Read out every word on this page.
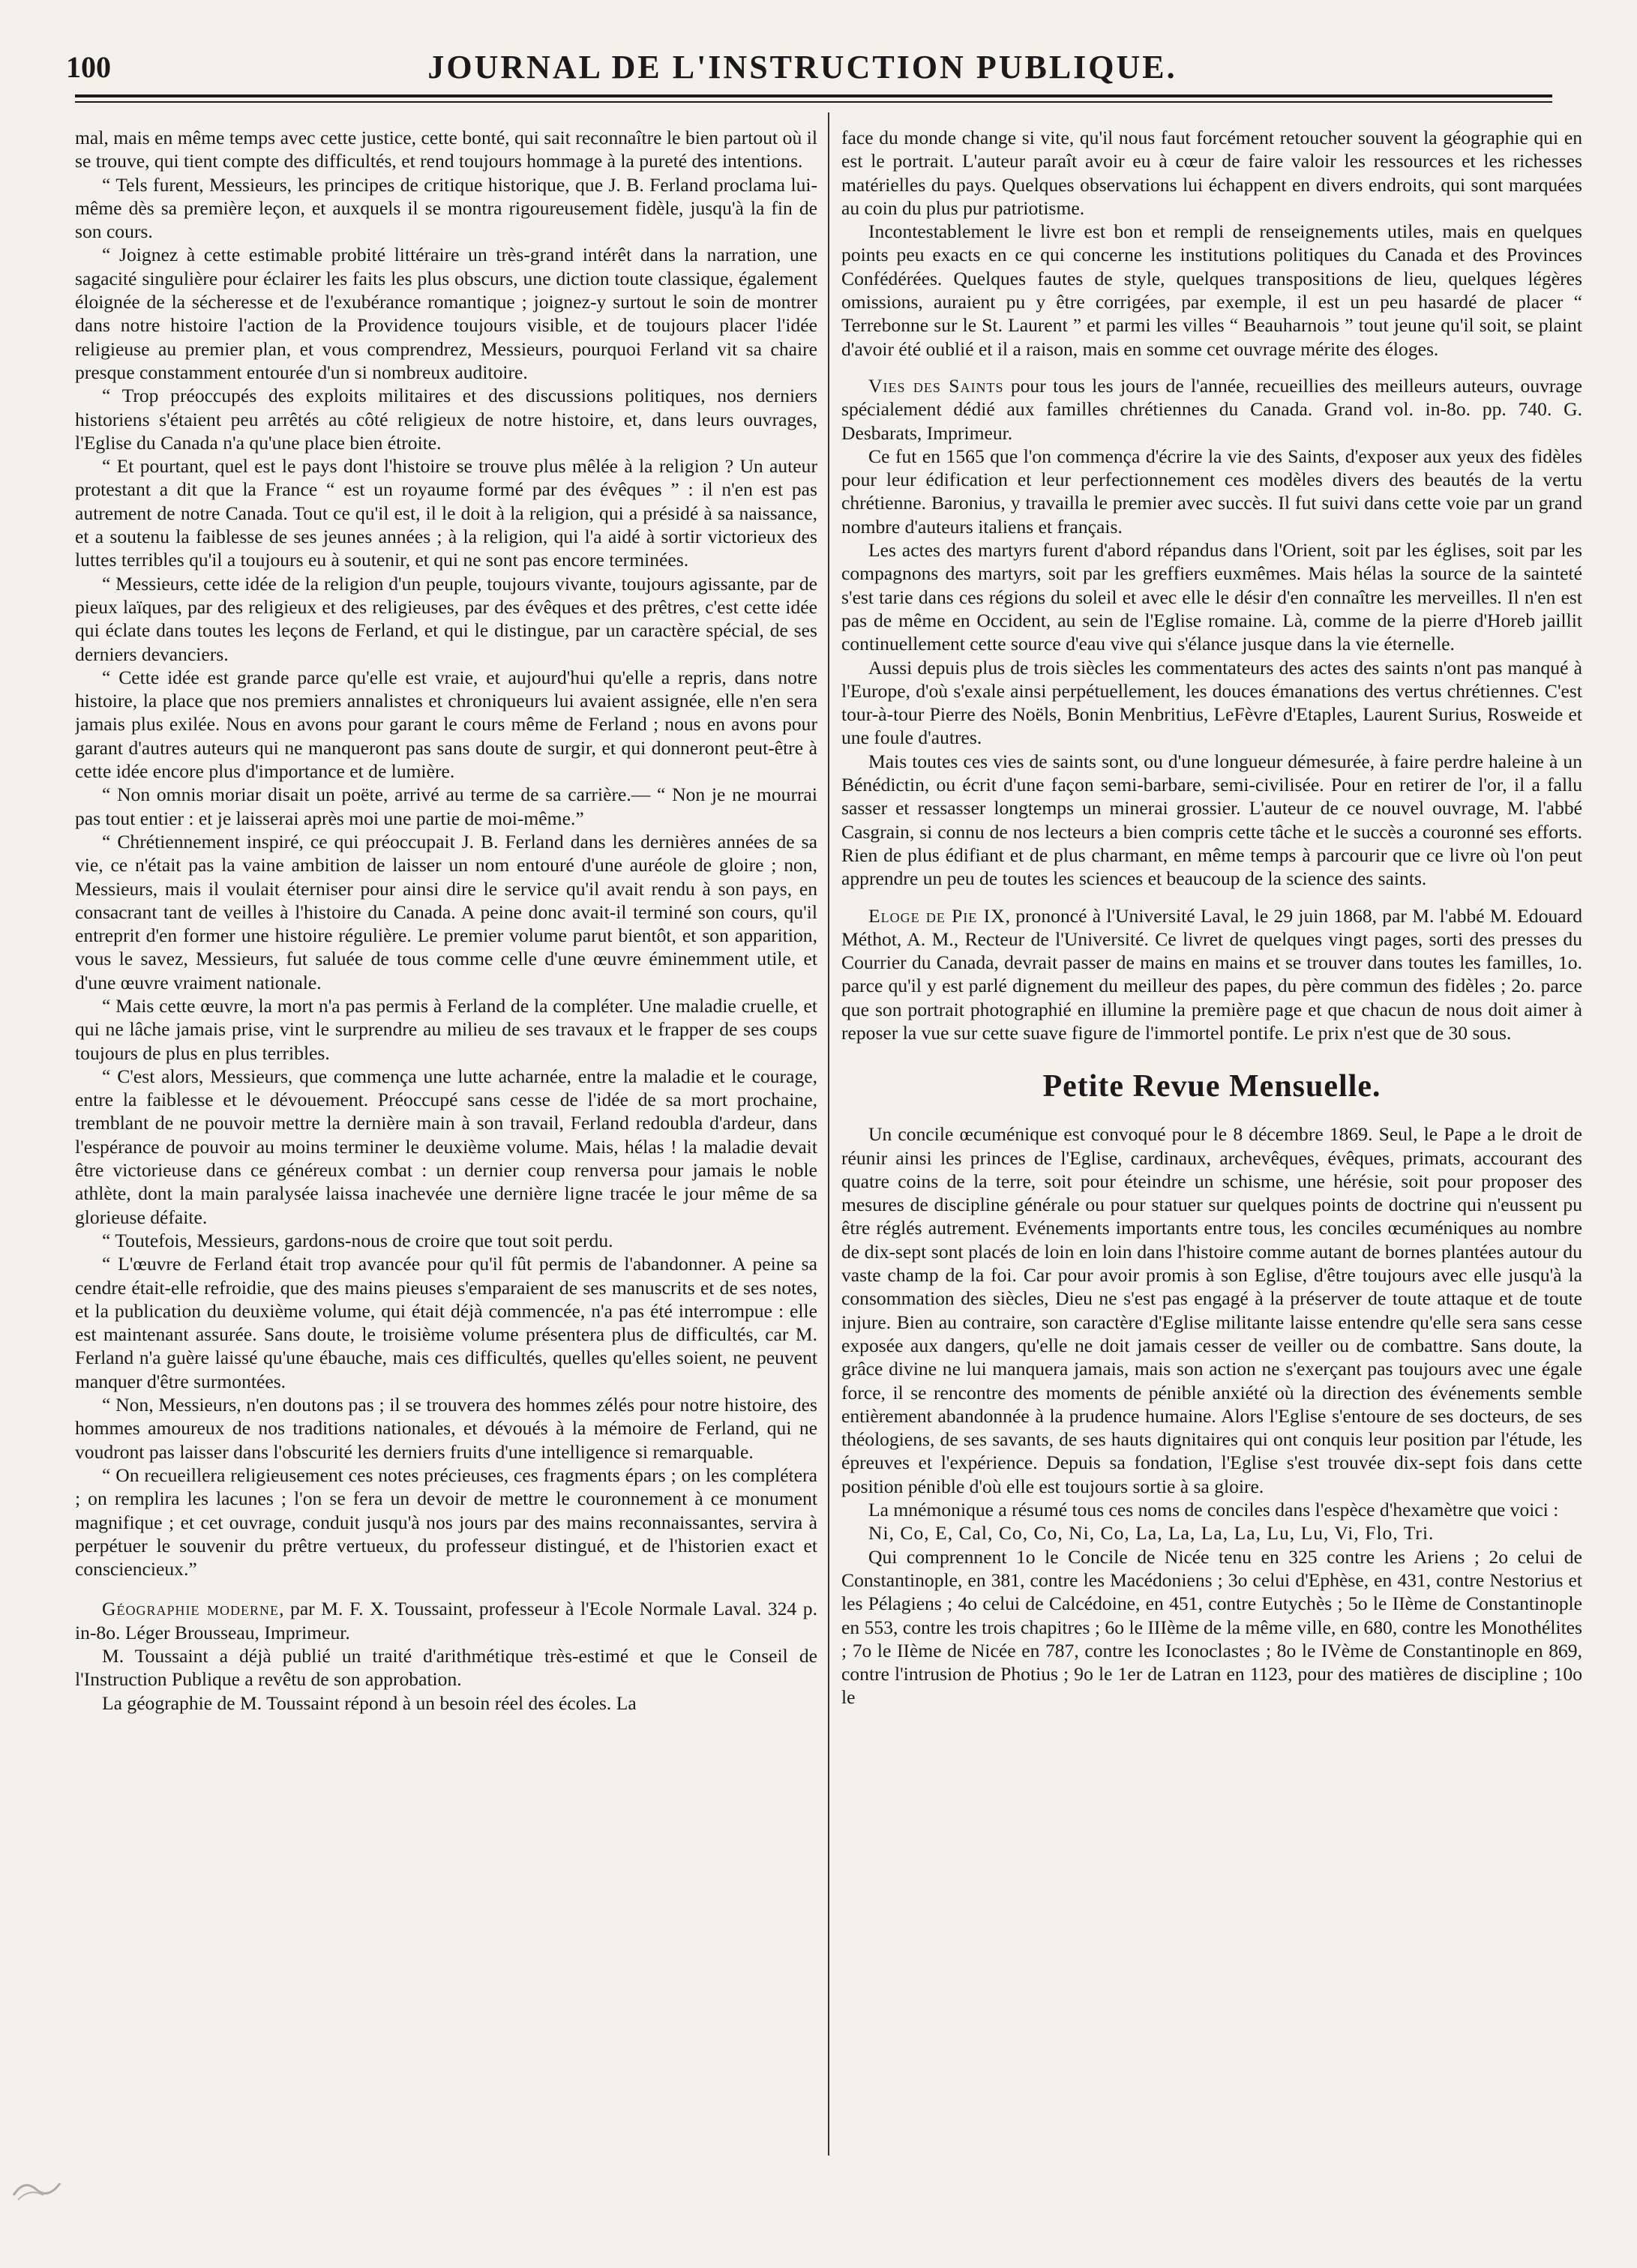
100	JOURNAL DE L'INSTRUCTION PUBLIQUE.

mal, mais en même temps avec cette justice, cette bonté, qui sait reconnaître le bien partout où il se trouve, qui tient compte des difficultés, et rend toujours hommage à la pureté des intentions.

“ Tels furent, Messieurs, les principes de critique historique, que J. B. Ferland proclama lui-même dès sa première leçon, et auxquels il se montra rigoureusement fidèle, jusqu'à la fin de son cours.

“ Joignez à cette estimable probité littéraire un très-grand intérêt dans la narration, une sagacité singulière pour éclairer les faits les plus obscurs, une diction toute classique, également éloignée de la sécheresse et de l'exubérance romantique ; joignez-y surtout le soin de montrer dans notre histoire l'action de la Providence toujours visible, et de toujours placer l'idée religieuse au premier plan, et vous comprendrez, Messieurs, pourquoi Ferland vit sa chaire presque constamment entourée d'un si nombreux auditoire.

“ Trop préoccupés des exploits militaires et des discussions politiques, nos derniers historiens s'étaient peu arrêtés au côté religieux de notre histoire, et, dans leurs ouvrages, l'Eglise du Canada n'a qu'une place bien étroite.

“ Et pourtant, quel est le pays dont l'histoire se trouve plus mêlée à la religion ? Un auteur protestant a dit que la France “ est un royaume formé par des évêques ” : il n'en est pas autrement de notre Canada. Tout ce qu'il est, il le doit à la religion, qui a présidé à sa naissance, et a soutenu la faiblesse de ses jeunes années ; à la religion, qui l'a aidé à sortir victorieux des luttes terribles qu'il a toujours eu à soutenir, et qui ne sont pas encore terminées.

“ Messieurs, cette idée de la religion d'un peuple, toujours vivante, toujours agissante, par de pieux laïques, par des religieux et des religieuses, par des évêques et des prêtres, c'est cette idée qui éclate dans toutes les leçons de Ferland, et qui le distingue, par un caractère spécial, de ses derniers devanciers.

“ Cette idée est grande parce qu'elle est vraie, et aujourd'hui qu'elle a repris, dans notre histoire, la place que nos premiers annalistes et chroniqueurs lui avaient assignée, elle n'en sera jamais plus exilée. Nous en avons pour garant le cours même de Ferland ; nous en avons pour garant d'autres auteurs qui ne manqueront pas sans doute de surgir, et qui donneront peut-être à cette idée encore plus d'importance et de lumière.

“ Non omnis moriar disait un poëte, arrivé au terme de sa carrière.— “ Non je ne mourrai pas tout entier : et je laisserai après moi une partie de moi-même.”

“ Chrétiennement inspiré, ce qui préoccupait J. B. Ferland dans les dernières années de sa vie, ce n'était pas la vaine ambition de laisser un nom entouré d'une auréole de gloire ; non, Messieurs, mais il voulait éterniser pour ainsi dire le service qu'il avait rendu à son pays, en consacrant tant de veilles à l'histoire du Canada. A peine donc avait-il terminé son cours, qu'il entreprit d'en former une histoire régulière. Le premier volume parut bientôt, et son apparition, vous le savez, Messieurs, fut saluée de tous comme celle d'une œuvre éminemment utile, et d'une œuvre vraiment nationale.

“ Mais cette œuvre, la mort n'a pas permis à Ferland de la compléter. Une maladie cruelle, et qui ne lâche jamais prise, vint le surprendre au milieu de ses travaux et le frapper de ses coups toujours de plus en plus terribles.

“ C'est alors, Messieurs, que commença une lutte acharnée, entre la maladie et le courage, entre la faiblesse et le dévouement. Préoccupé sans cesse de l'idée de sa mort prochaine, tremblant de ne pouvoir mettre la dernière main à son travail, Ferland redoubla d'ardeur, dans l'espérance de pouvoir au moins terminer le deuxième volume. Mais, hélas ! la maladie devait être victorieuse dans ce généreux combat : un dernier coup renversa pour jamais le noble athlète, dont la main paralysée laissa inachevée une dernière ligne tracée le jour même de sa glorieuse défaite.

“ Toutefois, Messieurs, gardons-nous de croire que tout soit perdu.

“ L'œuvre de Ferland était trop avancée pour qu'il fût permis de l'abandonner. A peine sa cendre était-elle refroidie, que des mains pieuses s'emparaient de ses manuscrits et de ses notes, et la publication du deuxième volume, qui était déjà commencée, n'a pas été interrompue : elle est maintenant assurée. Sans doute, le troisième volume présentera plus de difficultés, car M. Ferland n'a guère laissé qu'une ébauche, mais ces difficultés, quelles qu'elles soient, ne peuvent manquer d'être surmontées.

“ Non, Messieurs, n'en doutons pas ; il se trouvera des hommes zélés pour notre histoire, des hommes amoureux de nos traditions nationales, et dévoués à la mémoire de Ferland, qui ne voudront pas laisser dans l'obscurité les derniers fruits d'une intelligence si remarquable.

“ On recueillera religieusement ces notes précieuses, ces fragments épars ; on les complétera ; on remplira les lacunes ; l'on se fera un devoir de mettre le couronnement à ce monument magnifique ; et cet ouvrage, conduit jusqu'à nos jours par des mains reconnaissantes, servira à perpétuer le souvenir du prêtre vertueux, du professeur distingué, et de l'historien exact et consciencieux.”

Géographie moderne, par M. F. X. Toussaint, professeur à l'Ecole Normale Laval. 324 p. in-8o. Léger Brousseau, Imprimeur.

M. Toussaint a déjà publié un traité d'arithmétique très-estimé et que le Conseil de l'Instruction Publique a revêtu de son approbation.

La géographie de M. Toussaint répond à un besoin réel des écoles. La

face du monde change si vite, qu'il nous faut forcément retoucher souvent la géographie qui en est le portrait. L'auteur paraît avoir eu à cœur de faire valoir les ressources et les richesses matérielles du pays. Quelques observations lui échappent en divers endroits, qui sont marquées au coin du plus pur patriotisme.

Incontestablement le livre est bon et rempli de renseignements utiles, mais en quelques points peu exacts en ce qui concerne les institutions politiques du Canada et des Provinces Confédérées. Quelques fautes de style, quelques transpositions de lieu, quelques légères omissions, auraient pu y être corrigées, par exemple, il est un peu hasardé de placer “ Terrebonne sur le St. Laurent ” et parmi les villes “ Beauharnois ” tout jeune qu'il soit, se plaint d'avoir été oublié et il a raison, mais en somme cet ouvrage mérite des éloges.

Vies des Saints pour tous les jours de l'année, recueillies des meilleurs auteurs, ouvrage spécialement dédié aux familles chrétiennes du Canada. Grand vol. in-8o. pp. 740. G. Desbarats, Imprimeur.

Ce fut en 1565 que l'on commença d'écrire la vie des Saints, d'exposer aux yeux des fidèles pour leur édification et leur perfectionnement ces modèles divers des beautés de la vertu chrétienne. Baronius, y travailla le premier avec succès. Il fut suivi dans cette voie par un grand nombre d'auteurs italiens et français.

Les actes des martyrs furent d'abord répandus dans l'Orient, soit par les églises, soit par les compagnons des martyrs, soit par les greffiers euxmêmes. Mais hélas la source de la sainteté s'est tarie dans ces régions du soleil et avec elle le désir d'en connaître les merveilles. Il n'en est pas de même en Occident, au sein de l'Eglise romaine. Là, comme de la pierre d'Horeb jaillit continuellement cette source d'eau vive qui s'élance jusque dans la vie éternelle.

Aussi depuis plus de trois siècles les commentateurs des actes des saints n'ont pas manqué à l'Europe, d'où s'exale ainsi perpétuellement, les douces émanations des vertus chrétiennes. C'est tour-à-tour Pierre des Noëls, Bonin Menbritius, LeFèvre d'Etaples, Laurent Surius, Rosweide et une foule d'autres.

Mais toutes ces vies de saints sont, ou d'une longueur démesurée, à faire perdre haleine à un Bénédictin, ou écrit d'une façon semi-barbare, semi-civilisée. Pour en retirer de l'or, il a fallu sasser et ressasser longtemps un minerai grossier. L'auteur de ce nouvel ouvrage, M. l'abbé Casgrain, si connu de nos lecteurs a bien compris cette tâche et le succès a couronné ses efforts. Rien de plus édifiant et de plus charmant, en même temps à parcourir que ce livre où l'on peut apprendre un peu de toutes les sciences et beaucoup de la science des saints.

Eloge de Pie IX, prononcé à l'Université Laval, le 29 juin 1868, par M. l'abbé M. Edouard Méthot, A. M., Recteur de l'Université. Ce livret de quelques vingt pages, sorti des presses du Courrier du Canada, devrait passer de mains en mains et se trouver dans toutes les familles, 1o. parce qu'il y est parlé dignement du meilleur des papes, du père commun des fidèles ; 2o. parce que son portrait photographié en illumine la première page et que chacun de nous doit aimer à reposer la vue sur cette suave figure de l'immortel pontife. Le prix n'est que de 30 sous.

Petite Revue Mensuelle.

Un concile œcuménique est convoqué pour le 8 décembre 1869. Seul, le Pape a le droit de réunir ainsi les princes de l'Eglise, cardinaux, archevêques, évêques, primats, accourant des quatre coins de la terre, soit pour éteindre un schisme, une hérésie, soit pour proposer des mesures de discipline générale ou pour statuer sur quelques points de doctrine qui n'eussent pu être réglés autrement. Evénements importants entre tous, les conciles œcuméniques au nombre de dix-sept sont placés de loin en loin dans l'histoire comme autant de bornes plantées autour du vaste champ de la foi. Car pour avoir promis à son Eglise, d'être toujours avec elle jusqu'à la consommation des siècles, Dieu ne s'est pas engagé à la préserver de toute attaque et de toute injure. Bien au contraire, son caractère d'Eglise militante laisse entendre qu'elle sera sans cesse exposée aux dangers, qu'elle ne doit jamais cesser de veiller ou de combattre. Sans doute, la grâce divine ne lui manquera jamais, mais son action ne s'exerçant pas toujours avec une égale force, il se rencontre des moments de pénible anxiété où la direction des événements semble entièrement abandonnée à la prudence humaine. Alors l'Eglise s'entoure de ses docteurs, de ses théologiens, de ses savants, de ses hauts dignitaires qui ont conquis leur position par l'étude, les épreuves et l'expérience. Depuis sa fondation, l'Eglise s'est trouvée dix-sept fois dans cette position pénible d'où elle est toujours sortie à sa gloire.

La mnémonique a résumé tous ces noms de conciles dans l'espèce d'hexamètre que voici :

Ni, Co, E, Cal, Co, Co, Ni, Co, La, La, La, La, Lu, Lu, Vi, Flo, Tri.

Qui comprennent 1o le Concile de Nicée tenu en 325 contre les Ariens ; 2o celui de Constantinople, en 381, contre les Macédoniens ; 3o celui d'Ephèse, en 431, contre Nestorius et les Pélagiens ; 4o celui de Calcédoine, en 451, contre Eutychès ; 5o le IIème de Constantinople en 553, contre les trois chapitres ; 6o le IIIème de la même ville, en 680, contre les Monothélites ; 7o le IIème de Nicée en 787, contre les Iconoclastes ; 8o le IVème de Constantinople en 869, contre l'intrusion de Photius ; 9o le 1er de Latran en 1123, pour des matières de discipline ; 10o le
